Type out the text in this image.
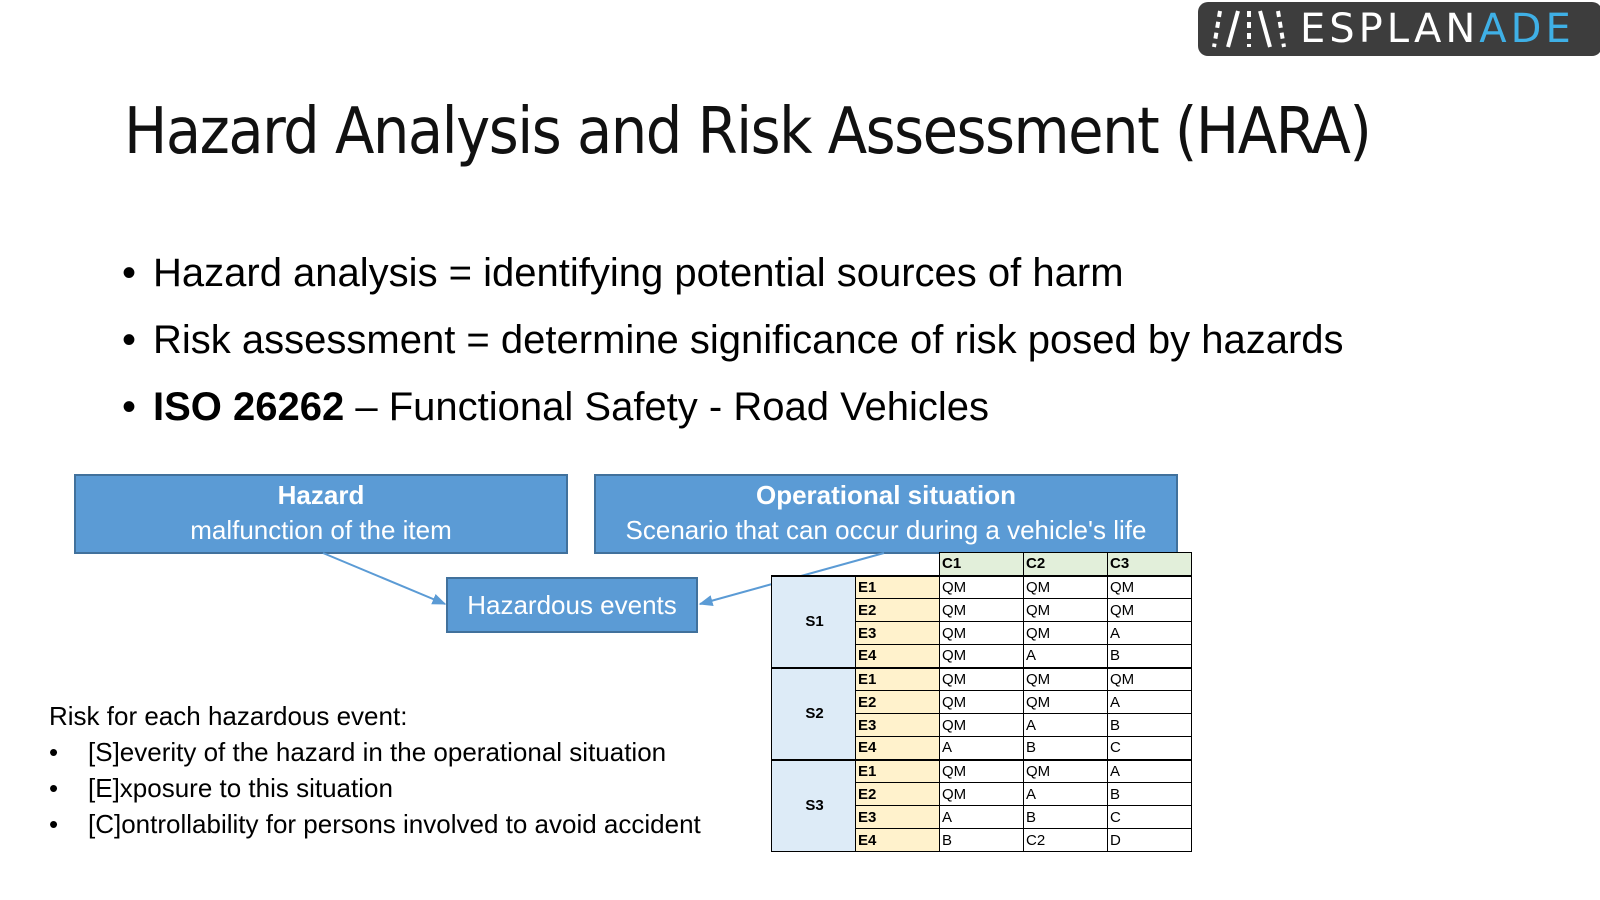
ESPLANADE
Hazard Analysis and Risk Assessment (HARA)
• Hazard analysis = identifying potential sources of harm
• Risk assessment = determine significance of risk posed by hazards
• ISO 26262 – Functional Safety - Road Vehicles
Hazard
malfunction of the item
Operational situation
Scenario that can occur during a vehicle's life
Hazardous events
Risk for each hazardous event:
•	[S]everity of the hazard in the operational situation
•	[E]xposure to this situation
•	[C]ontrollability for persons involved to avoid accident
		C1	C2	C3
S1	E1	QM	QM	QM
	E2	QM	QM	QM
	E3	QM	QM	A
	E4	QM	A	B
S2	E1	QM	QM	QM
	E2	QM	QM	A
	E3	QM	A	B
	E4	A	B	C
S3	E1	QM	QM	A
	E2	QM	A	B
	E3	A	B	C
	E4	B	C2	D
